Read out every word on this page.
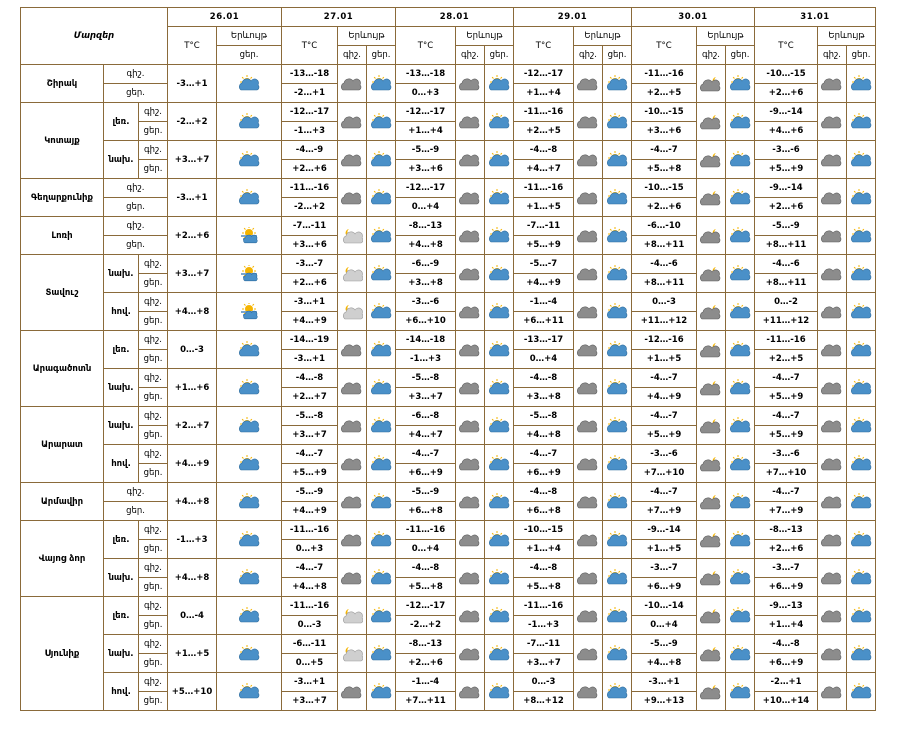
Մարզեր			26.01		27.01			28.01			29.01			30.01			31.01		
			T°C	Երևույթ	T°C	Երևույթ		T°C	Երևույթ		T°C	Երևույթ		T°C	Երևույթ		T°C	Երևույթ	
				ցեր.		գիշ.	ցեր.		գիշ.	ցեր.		գիշ.	ցեր.		գիշ.	ցեր.		գիշ.	ցեր.
Շիրակ	գիշ.		-3…+1		-13…-18			-13…-18			-12…-17			-11…-16			-10…-15	

	ցեր.				-2…+1			0…+3			+1…+4			+2…+5			+2…+6		
Կոտայք	լեռ.	գիշ.	-2…+2		-12…-17			-12…-17			-11…-16			-10…-15			-9…-14	

		ցեր.			-1…+3			+1…+4			+2…+5			+3…+6			+4…+6		
	նախ.	գիշ.	+3…+7		-4…-9			-5…-9			-4…-8			-4…-7			-3…-6	

		ցեր.			+2…+6			+3…+6			+4…+7			+5…+8			+5…+9		
Գեղարքունիք	գիշ.		-3…+1		-11…-16			-12…-17			-11…-16			-10…-15			-9…-14	

	ցեր.				-2…+2			0…+4			+1…+5			+2…+6			+2…+6		
Լոռի	գիշ.		+2…+6		-7…-11			-8…-13			-7…-11			-6…-10			-5…-9	

	ցեր.				+3…+6			+4…+8			+5…+9			+8…+11			+8…+11		
Տավուշ	նախ.	գիշ.	+3…+7		-3…-7			-6…-9			-5…-7			-4…-6			-4…-6	

		ցեր.			+2…+6			+3…+8			+4…+9			+8…+11			+8…+11		
	հով.	գիշ.	+4…+8		-3…+1			-3…-6			-1…-4			0…-3			0…-2	

		ցեր.			+4…+9			+6…+10			+6…+11			+11…+12			+11…+12		
Արագածոտն	լեռ.	գիշ.	0…-3		-14…-19			-14…-18			-13…-17			-12…-16			-11…-16	

		ցեր.			-3…+1			-1…+3			0…+4			+1…+5			+2…+5		
	նախ.	գիշ.	+1…+6		-4…-8			-5…-8			-4…-8			-4…-7			-4…-7	

		ցեր.			+2…+7			+3…+7			+3…+8			+4…+9			+5…+9		
Արարատ	նախ.	գիշ.	+2…+7		-5…-8			-6…-8			-5…-8			-4…-7			-4…-7	

		ցեր.			+3…+7			+4…+7			+4…+8			+5…+9			+5…+9		
	հով.	գիշ.	+4…+9		-4…-7			-4…-7			-4…-7			-3…-6			-3…-6	

		ցեր.			+5…+9			+6…+9			+6…+9			+7…+10			+7…+10		
Արմավիր	գիշ.		+4…+8		-5…-9			-5…-9			-4…-8			-4…-7			-4…-7	

	ցեր.				+4…+9			+6…+8			+6…+8			+7…+9			+7…+9		
Վայոց ձոր	լեռ.	գիշ.	-1…+3		-11…-16			-11…-16			-10…-15			-9…-14			-8…-13	

		ցեր.			0…+3			0…+4			+1…+4			+1…+5			+2…+6		
	նախ.	գիշ.	+4…+8		-4…-7			-4…-8			-4…-8			-3…-7			-3…-7	

		ցեր.			+4…+8			+5…+8			+5…+8			+6…+9			+6…+9		
Սյունիք	լեռ.	գիշ.	0…-4		-11…-16			-12…-17			-11…-16			-10…-14			-9…-13	

		ցեր.			0…-3			-2…+2			-1…+3			0…+4			+1…+4		
	նախ.	գիշ.	+1…+5		-6…-11			-8…-13			-7…-11			-5…-9			-4…-8	

		ցեր.			0…+5			+2…+6			+3…+7			+4…+8			+6…+9		
	հով.	գիշ.	+5…+10		-3…+1			-1…-4			0…-3			-3…+1			-2…+1	

		ցեր.			+3…+7			+7…+11			+8…+12			+9…+13			+10…+14		
